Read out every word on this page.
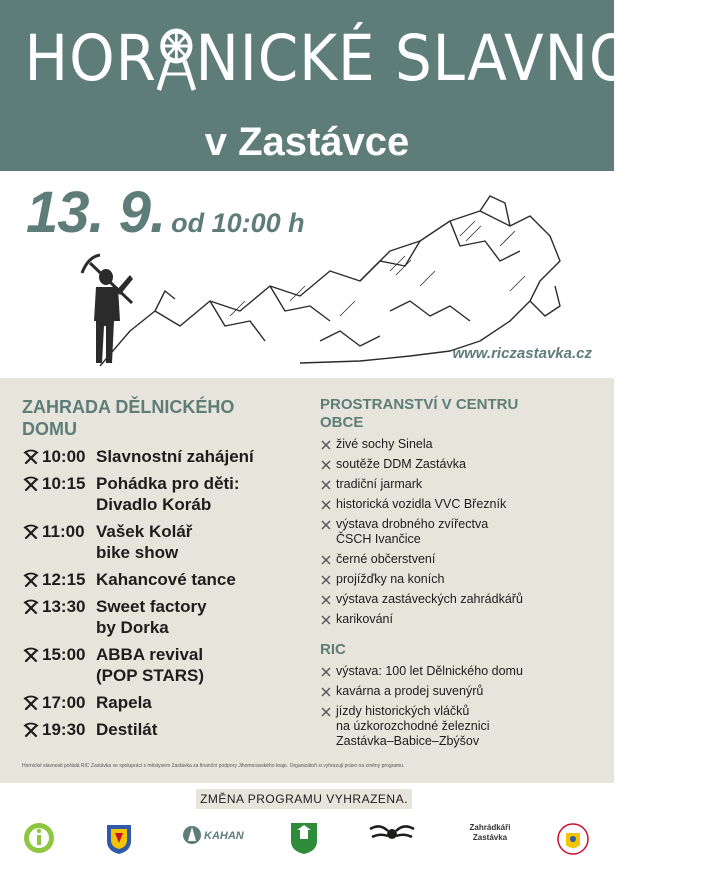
HOR NICKÉ SLAVNOSTI
v Zastávce
13. 9. od 10:00 h
www.riczastavka.cz
ZAHRADA DĚLNICKÉHO
DOMU
10:00 Slavnostní zahájení
10:15 Pohádka pro děti:
Divadlo Koráb
11:00 Vašek Kolář
bike show
12:15 Kahancové tance
13:30 Sweet factory
by Dorka
15:00 ABBA revival
(POP STARS)
17:00 Rapela
19:30 Destilát
PROSTRANSTVÍ V CENTRU
OBCE
živé sochy Sinela
soutěže DDM Zastávka
tradiční jarmark
historická vozidla VVC Březník
výstava drobného zvířectva
ČSCH Ivančice
černé občerstvení
projížďky na koních
výstava zastáveckých zahrádkářů
karikování
RIC
výstava: 100 let Dělnického domu
kavárna a prodej suvenýrů
jízdy historických vláčků
na úzkorozchodné železnici
Zastávka–Babice–Zbýšov
Hornické slavnosti pořádá RIC Zastávka ve spolupráci s městysem Zastávka za finanční podpory Jihomoravského kraje. Organizátoři si vyhrazují právo na změny programu.
ZMĚNA PROGRAMU VYHRAZENA.
KAHAN
Zahrádkáři
Zastávka
